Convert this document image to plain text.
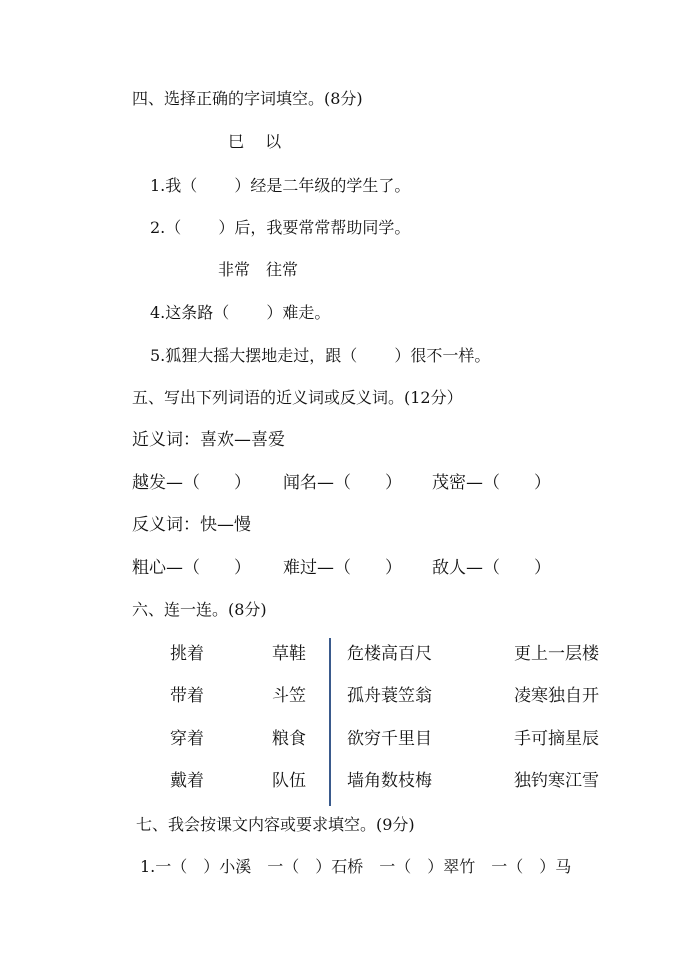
四、选择正确的字词填空。(8分)
巳　 以
1.我（　　 ）经是二年级的学生了。
2.（　　 ）后，我要常常帮助同学。
非常　往常
4.这条路（　　 ）难走。
5.狐狸大摇大摆地走过，跟（　　 ）很不一样。
五、写出下列词语的近义词或反义词。(12分）
近义词：喜欢—喜爱
越发—（　　） 闻名—（　　） 茂密—（　　）
反义词：快—慢
粗心—（　　） 难过—（　　） 敌人—（　　）
六、连一连。(8分)
挑着
带着
穿着
戴着
草鞋
斗笠
粮食
队伍
危楼高百尺
孤舟蓑笠翁
欲穷千里目
墙角数枝梅
更上一层楼
凌寒独自开
手可摘星辰
独钓寒江雪
七、我会按课文内容或要求填空。(9分)
1.一（　）小溪　一（　）石桥　一（　）翠竹　一（　）马
